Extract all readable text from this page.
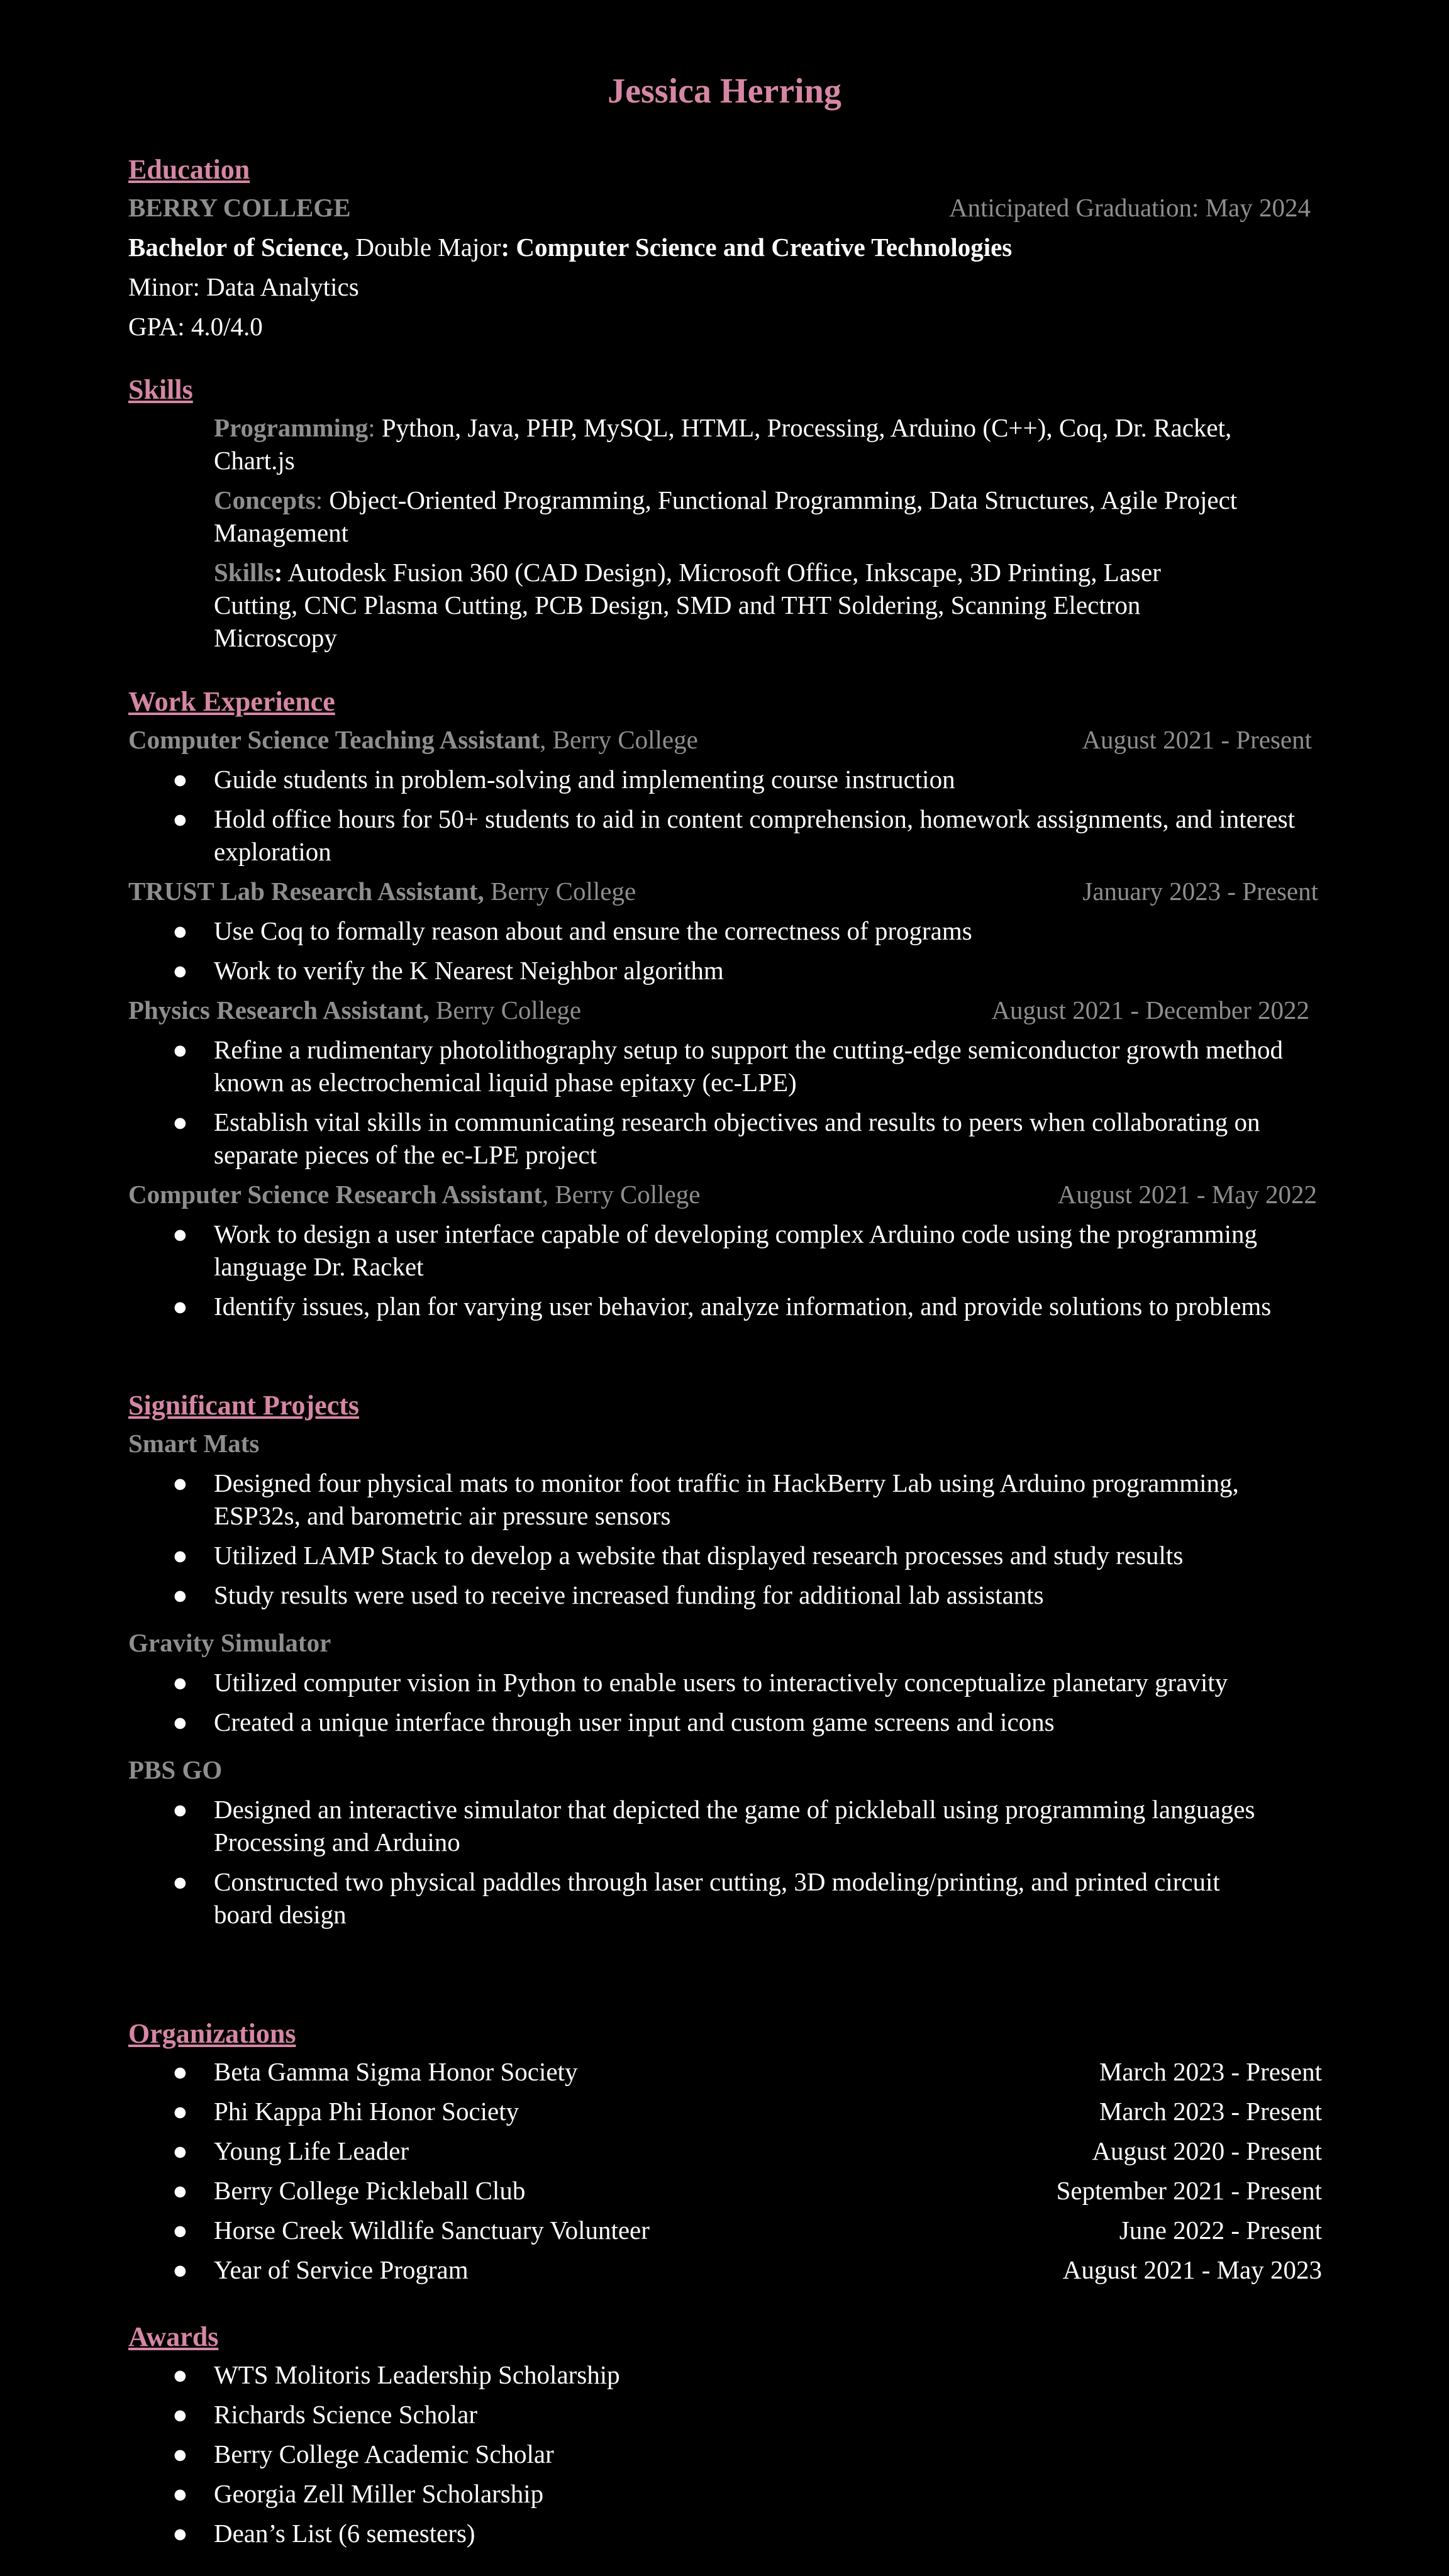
Jessica Herring
Education
BERRY COLLEGE	Anticipated Graduation: May 2024
Bachelor of Science, Double Major: Computer Science and Creative Technologies
Minor: Data Analytics
GPA: 4.0/4.0
Skills
Programming: Python, Java, PHP, MySQL, HTML, Processing, Arduino (C++), Coq, Dr. Racket, Chart.js
Concepts: Object-Oriented Programming, Functional Programming, Data Structures, Agile Project Management
Skills: Autodesk Fusion 360 (CAD Design), Microsoft Office, Inkscape, 3D Printing, Laser Cutting, CNC Plasma Cutting, PCB Design, SMD and THT Soldering, Scanning Electron Microscopy
Work Experience
Computer Science Teaching Assistant, Berry College	August 2021 - Present
● Guide students in problem-solving and implementing course instruction
● Hold office hours for 50+ students to aid in content comprehension, homework assignments, and interest exploration
TRUST Lab Research Assistant, Berry College	January 2023 - Present
● Use Coq to formally reason about and ensure the correctness of programs
● Work to verify the K Nearest Neighbor algorithm
Physics Research Assistant, Berry College	August 2021 - December 2022
● Refine a rudimentary photolithography setup to support the cutting-edge semiconductor growth method known as electrochemical liquid phase epitaxy (ec-LPE)
● Establish vital skills in communicating research objectives and results to peers when collaborating on separate pieces of the ec-LPE project
Computer Science Research Assistant, Berry College	August 2021 - May 2022
● Work to design a user interface capable of developing complex Arduino code using the programming language Dr. Racket
● Identify issues, plan for varying user behavior, analyze information, and provide solutions to problems
Significant Projects
Smart Mats
● Designed four physical mats to monitor foot traffic in HackBerry Lab using Arduino programming, ESP32s, and barometric air pressure sensors
● Utilized LAMP Stack to develop a website that displayed research processes and study results
● Study results were used to receive increased funding for additional lab assistants
Gravity Simulator
● Utilized computer vision in Python to enable users to interactively conceptualize planetary gravity
● Created a unique interface through user input and custom game screens and icons
PBS GO
● Designed an interactive simulator that depicted the game of pickleball using programming languages Processing and Arduino
● Constructed two physical paddles through laser cutting, 3D modeling/printing, and printed circuit board design
Organizations
● Beta Gamma Sigma Honor Society	March 2023 - Present
● Phi Kappa Phi Honor Society	March 2023 - Present
● Young Life Leader	August 2020 - Present
● Berry College Pickleball Club	September 2021 - Present
● Horse Creek Wildlife Sanctuary Volunteer	June 2022 - Present
● Year of Service Program	August 2021 - May 2023
Awards
● WTS Molitoris Leadership Scholarship
● Richards Science Scholar
● Berry College Academic Scholar
● Georgia Zell Miller Scholarship
● Dean’s List (6 semesters)
